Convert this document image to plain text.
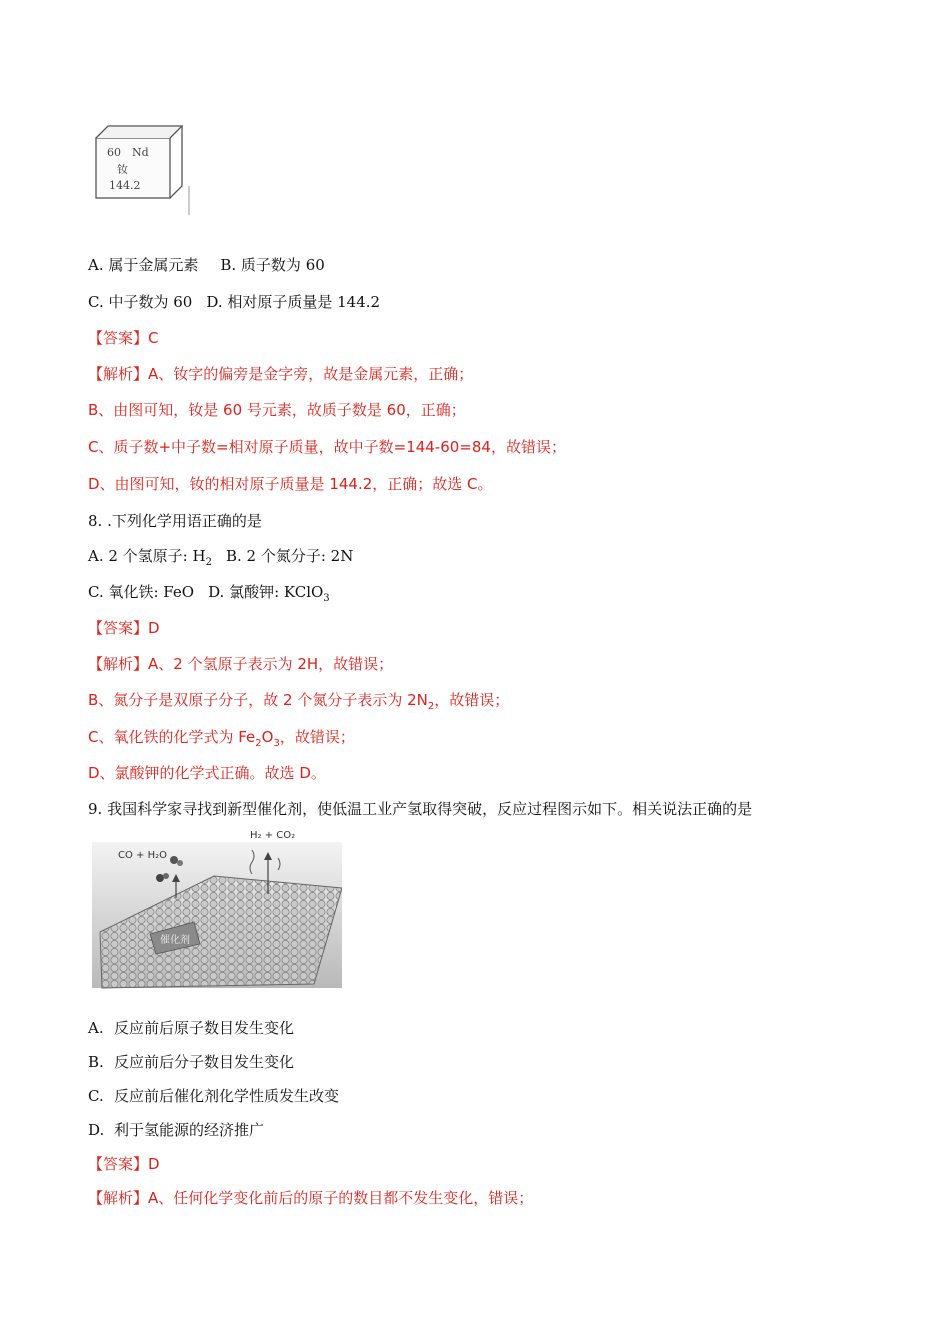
60 Nd
钕
144.2
A. 属于金属元素 B. 质子数为 60
C. 中子数为 60 D. 相对原子质量是 144.2
【答案】C
【解析】A、钕字的偏旁是金字旁，故是金属元素，正确；
B、由图可知，钕是 60 号元素，故质子数是 60，正确；
C、质子数+中子数=相对原子质量，故中子数=144-60=84，故错误；
D、由图可知，钕的相对原子质量是 144.2，正确；故选 C。
8. .下列化学用语正确的是
A. 2 个氢原子: $H_2$ B. 2 个氮分子: 2N
C. 氧化铁: FeO D. 氯酸钾: KClO$_3$
【答案】D
【解析】A、2 个氢原子表示为 2H，故错误；
B、氮分子是双原子分子，故 2 个氮分子表示为 $2N_2$，故错误；
C、氧化铁的化学式为 $Fe_2O_3$，故错误；
D、氯酸钾的化学式正确。故选 D。
9. 我国科学家寻找到新型催化剂，使低温工业产氢取得突破，反应过程图示如下。相关说法正确的是
催化剂
CO + H₂O
H₂ + CO₂
A. 反应前后原子数目发生变化
B. 反应前后分子数目发生变化
C. 反应前后催化剂化学性质发生改变
D. 利于氢能源的经济推广
【答案】D
【解析】A、任何化学变化前后的原子的数目都不发生变化，错误；
